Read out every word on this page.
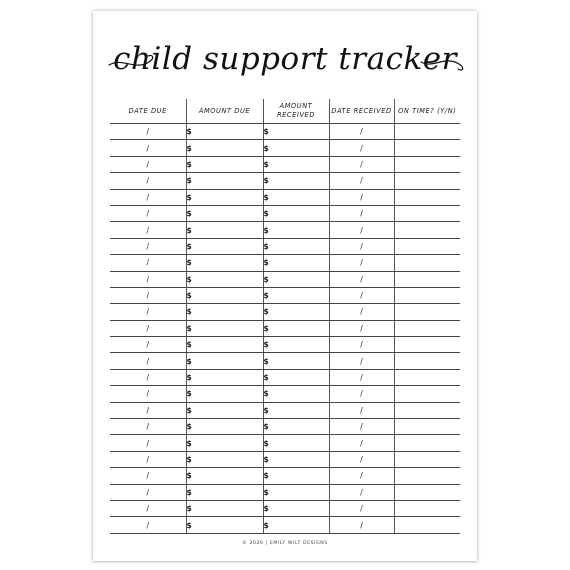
child support tracker
DATE DUE	AMOUNT DUE	AMOUNT RECEIVED	DATE RECEIVED	ON TIME? (Y/N)
/	$	$	/	
/	$	$	/	
/	$	$	/	
/	$	$	/	
/	$	$	/	
/	$	$	/	
/	$	$	/	
/	$	$	/	
/	$	$	/	
/	$	$	/	
/	$	$	/	
/	$	$	/	
/	$	$	/	
/	$	$	/	
/	$	$	/	
/	$	$	/	
/	$	$	/	
/	$	$	/	
/	$	$	/	
/	$	$	/	
/	$	$	/	
/	$	$	/	
/	$	$	/	
/	$	$	/	
/	$	$	/	
© 2020 | EMILY WILT DESIGNS
